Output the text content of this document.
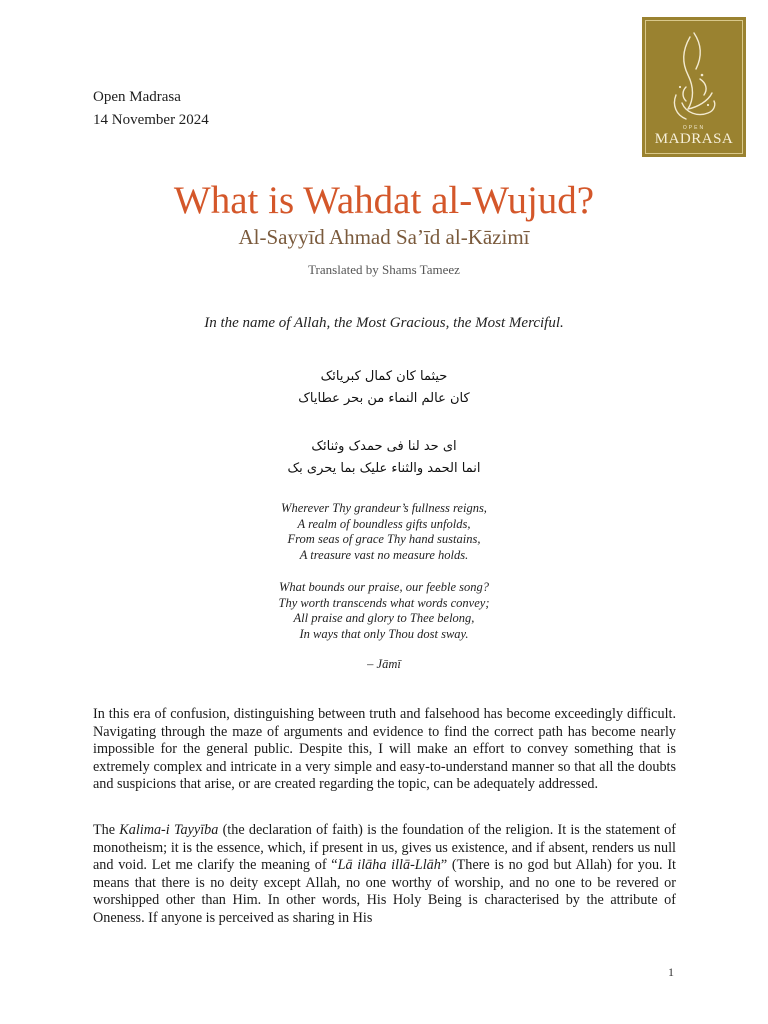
Open Madrasa
14 November 2024	OPEN
MADRASA
What is Wahdat al-Wujud?
Al-Sayyīd Ahmad Sa’īd al-Kāzimī
Translated by Shams Tameez
In the name of Allah, the Most Gracious, the Most Merciful.
حیثما کان کمال کبریائک
کان عالم النماء من بحر عطایاک
ای حد لنا فی حمدک وثنائک
انما الحمد والثناء علیک بما یحری بک
Wherever Thy grandeur’s fullness reigns,
A realm of boundless gifts unfolds,
From seas of grace Thy hand sustains,
A treasure vast no measure holds.
What bounds our praise, our feeble song?
Thy worth transcends what words convey;
All praise and glory to Thee belong,
In ways that only Thou dost sway.
– Jāmī

In this era of confusion, distinguishing between truth and falsehood has become exceedingly difficult. Navigating through the maze of arguments and evidence to find the correct path has become nearly impossible for the general public. Despite this, I will make an effort to convey something that is extremely complex and intricate in a very simple and easy-to-understand manner so that all the doubts and suspicions that arise, or are created regarding the topic, can be adequately addressed.

The Kalima-i Tayyība (the declaration of faith) is the foundation of the religion. It is the statement of monotheism; it is the essence, which, if present in us, gives us existence, and if absent, renders us null and void. Let me clarify the meaning of “Lā ilāha illā-Llāh” (There is no god but Allah) for you. It means that there is no deity except Allah, no one worthy of worship, and no one to be revered or worshipped other than Him. In other words, His Holy Being is characterised by the attribute of Oneness. If anyone is perceived as sharing in His

1
